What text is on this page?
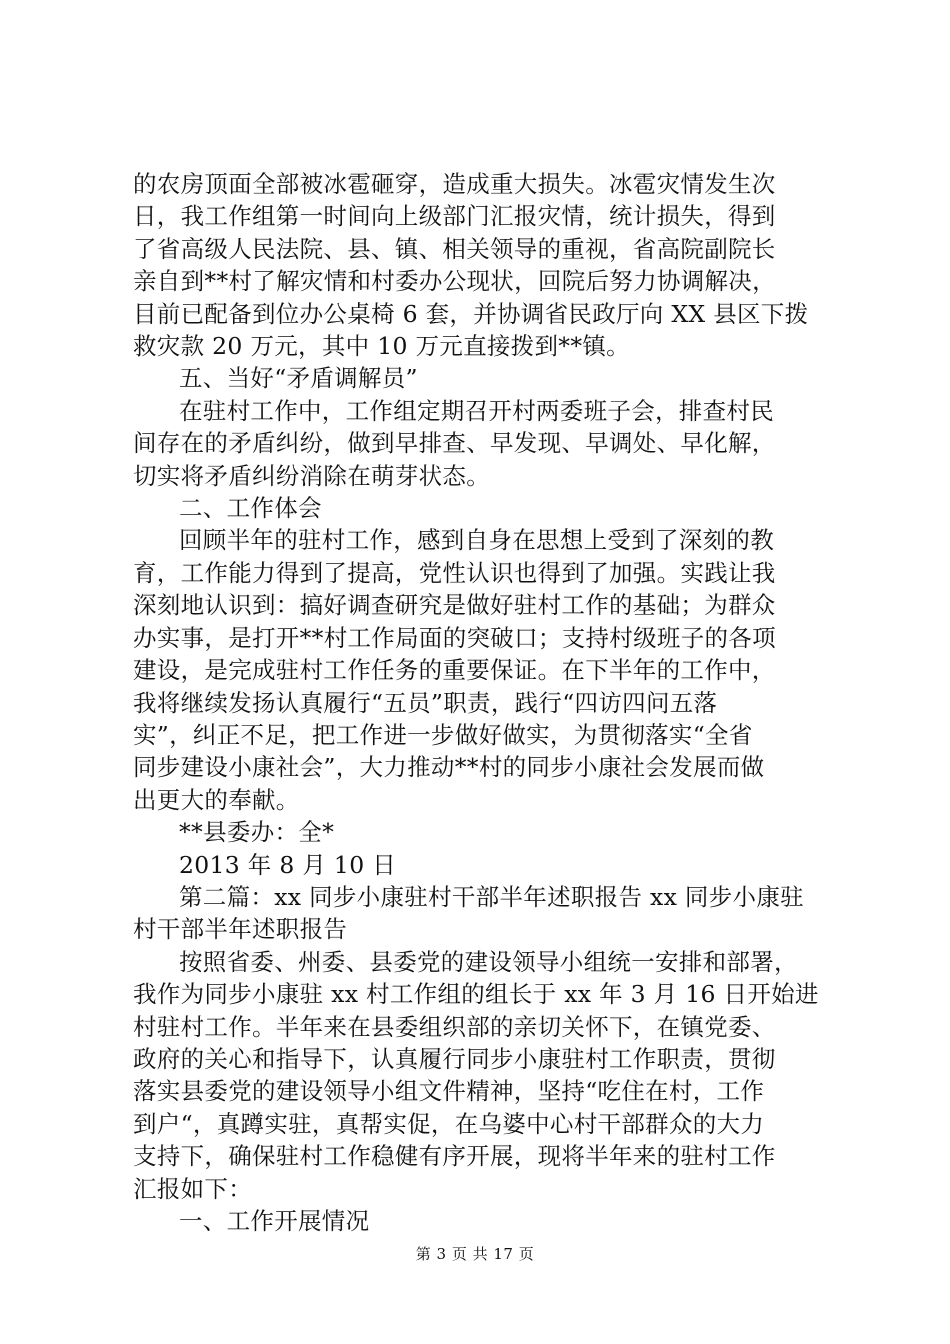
的农房顶面全部被冰雹砸穿，造成重大损失。冰雹灾情发生次
日，我工作组第一时间向上级部门汇报灾情，统计损失，得到
了省高级人民法院、县、镇、相关领导的重视，省高院副院长
亲自到**村了解灾情和村委办公现状，回院后努力协调解决，
目前已配备到位办公桌椅 6 套，并协调省民政厅向 XX 县区下拨
救灾款 20 万元，其中 10 万元直接拨到**镇。
五、当好“矛盾调解员”
在驻村工作中，工作组定期召开村两委班子会，排查村民
间存在的矛盾纠纷，做到早排查、早发现、早调处、早化解，
切实将矛盾纠纷消除在萌芽状态。
二、工作体会
回顾半年的驻村工作，感到自身在思想上受到了深刻的教
育，工作能力得到了提高，党性认识也得到了加强。实践让我
深刻地认识到：搞好调查研究是做好驻村工作的基础；为群众
办实事，是打开**村工作局面的突破口；支持村级班子的各项
建设，是完成驻村工作任务的重要保证。在下半年的工作中，
我将继续发扬认真履行“五员”职责，践行“四访四问五落
实”，纠正不足，把工作进一步做好做实，为贯彻落实“全省
同步建设小康社会”，大力推动**村的同步小康社会发展而做
出更大的奉献。
**县委办：全*
2013 年 8 月 10 日
第二篇：xx 同步小康驻村干部半年述职报告 xx 同步小康驻
村干部半年述职报告
按照省委、州委、县委党的建设领导小组统一安排和部署，
我作为同步小康驻 xx 村工作组的组长于 xx 年 3 月 16 日开始进
村驻村工作。半年来在县委组织部的亲切关怀下，在镇党委、
政府的关心和指导下，认真履行同步小康驻村工作职责，贯彻
落实县委党的建设领导小组文件精神，坚持“吃住在村，工作
到户“，真蹲实驻，真帮实促，在乌婆中心村干部群众的大力
支持下，确保驻村工作稳健有序开展，现将半年来的驻村工作
汇报如下：
一、工作开展情况
第 3 页 共 17 页
